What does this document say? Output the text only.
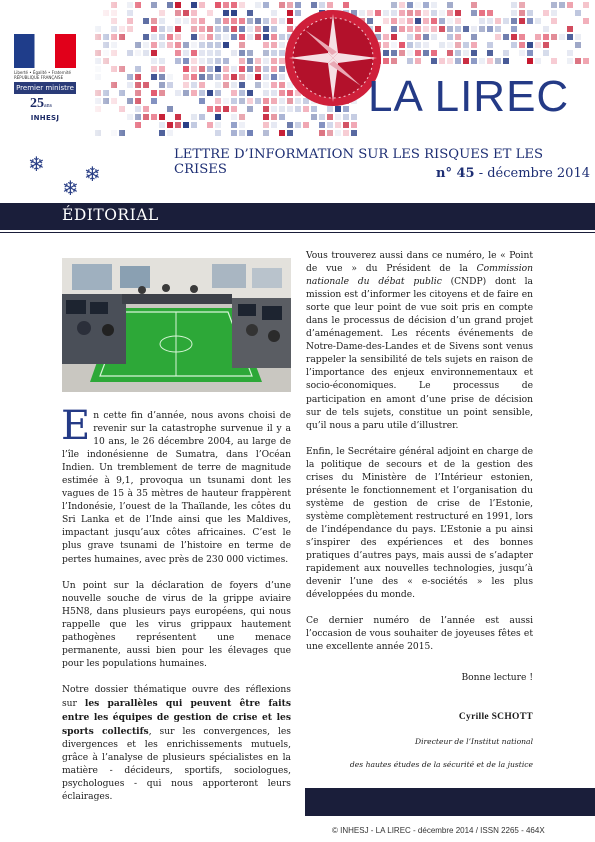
Liberté • Égalité • Fraternité RÉPUBLIQUE FRANÇAISE
Premier ministre
25ans
INHESJ	LA LIREC
LETTRE D’INFORMATION SUR LES RISQUES ET LES CRISES	n° 45 - décembre 2014
❄
❄
❄
ÉDITORIAL

En cette fin d’année, nous avons choisi de revenir sur la catastrophe survenue il y a 10 ans, le 26 décembre 2004, au large de l’île indonésienne de Sumatra, dans l’Océan Indien. Un tremblement de terre de magnitude estimée à 9,1, provoqua un tsunami dont les vagues de 15 à 35 mètres de hauteur frappèrent l’Indonésie, l’ouest de la Thaïlande, les côtes du Sri Lanka et de l’Inde ainsi que les Maldives, impactant jusqu’aux côtes africaines. C’est le plus grave tsunami de l’histoire en terme de pertes humaines, avec près de 230 000 victimes.

Un point sur la déclaration de foyers d’une nouvelle souche de virus de la grippe aviaire H5N8, dans plusieurs pays européens, qui nous rappelle que les virus grippaux hautement pathogènes représentent une menace permanente, aussi bien pour les élevages que pour les populations humaines.

Notre dossier thématique ouvre des réflexions sur les parallèles qui peuvent être faits entre les équipes de gestion de crise et les sports collectifs, sur les convergences, les divergences et les enrichissements mutuels, grâce à l’analyse de plusieurs spécialistes en la matière - décideurs, sportifs, sociologues, psychologues - qui nous apporteront leurs éclairages.

Vous trouverez aussi dans ce numéro, le « Point de vue » du Président de la Commission nationale du débat public (CNDP) dont la mission est d’informer les citoyens et de faire en sorte que leur point de vue soit pris en compte dans le processus de décision d’un grand projet d’aménagement. Les récents événements de Notre-Dame-des-Landes et de Sivens sont venus rappeler la sensibilité de tels sujets en raison de l’importance des enjeux environnementaux et socio-économiques. Le processus de participation en amont d’une prise de décision sur de tels sujets, constitue un point sensible, qu’il nous a paru utile d’illustrer.

Enfin, le Secrétaire général adjoint en charge de la politique de secours et de la gestion des crises du Ministère de l’Intérieur estonien, présente le fonctionnement et l’organisation du système de gestion de crise de l’Estonie, système complètement restructuré en 1991, lors de l’indépendance du pays. L’Estonie a pu ainsi s’inspirer des expériences et des bonnes pratiques d’autres pays, mais aussi de s’adapter rapidement aux nouvelles technologies, jusqu’à devenir l’une des « e-sociétés » les plus développées du monde.

Ce dernier numéro de l’année est aussi l’occasion de vous souhaiter de joyeuses fêtes et une excellente année 2015.

Bonne lecture !

Cyrille SCHOTT

Directeur de l’Institut national

des hautes études de la sécurité et de la justice

© INHESJ - LA LIREC - décembre 2014 / ISSN 2265 - 464X
